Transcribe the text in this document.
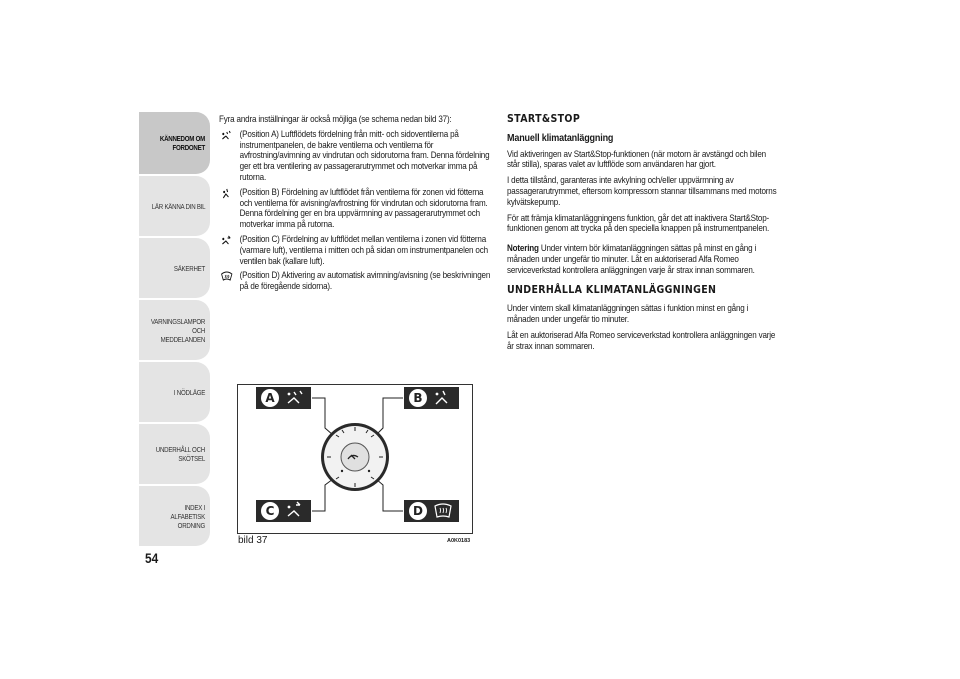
KÄNNEDOM OM FORDONET
LÄR KÄNNA DIN BIL
SÄKERHET
VARNINGSLAMPOR OCH MEDDELANDEN
I NÖDLÄGE
UNDERHÅLL OCH SKÖTSEL
INDEX I ALFABETISK ORDNING
54

Fyra andra inställningar är också möjliga (se schema nedan bild 37):

(Position A) Luftflödets fördelning från mitt- och sidoventilerna på instrumentpanelen, de bakre ventilerna och ventilerna för avfrostning/avimning av vindrutan och sidorutorna fram. Denna fördelning ger ett bra ventilering av passagerarutrymmet och motverkar imma på rutorna.
(Position B) Fördelning av luftflödet från ventilerna för zonen vid fötterna och ventilerna för avisning/avfrostning för vindrutan och sidorutorna fram. Denna fördelning ger en bra uppvärmning av passagerarutrymmet och motverkar imma på rutorna.
(Position C) Fördelning av luftflödet mellan ventilerna i zonen vid fötterna (varmare luft), ventilerna i mitten och på sidan om instrumentpanelen och ventilen bak (kallare luft).
(Position D) Aktivering av automatisk avimning/avisning (se beskrivningen på de föregående sidorna).
A	B
C	D
bild 37	A0K0183
START&STOP
Manuell klimatanläggning

Vid aktiveringen av Start&Stop-funktionen (när motorn är avstängd och bilen står stilla), sparas valet av luftflöde som användaren har gjort.

I detta tillstånd, garanteras inte avkylning och/eller uppvärmning av passagerarutrymmet, eftersom kompressorn stannar tillsammans med motorns kylvätskepump.

För att främja klimatanläggningens funktion, går det att inaktivera Start&Stop-funktionen genom att trycka på den speciella knappen på instrumentpanelen.

Notering Under vintern bör klimatanläggningen sättas på minst en gång i månaden under ungefär tio minuter. Låt en auktoriserad Alfa Romeo serviceverkstad kontrollera anläggningen varje år strax innan sommaren.

UNDERHÅLLA KLIMATANLÄGGNINGEN

Under vintern skall klimatanläggningen sättas i funktion minst en gång i månaden under ungefär tio minuter.

Låt en auktoriserad Alfa Romeo serviceverkstad kontrollera anläggningen varje år strax innan sommaren.
